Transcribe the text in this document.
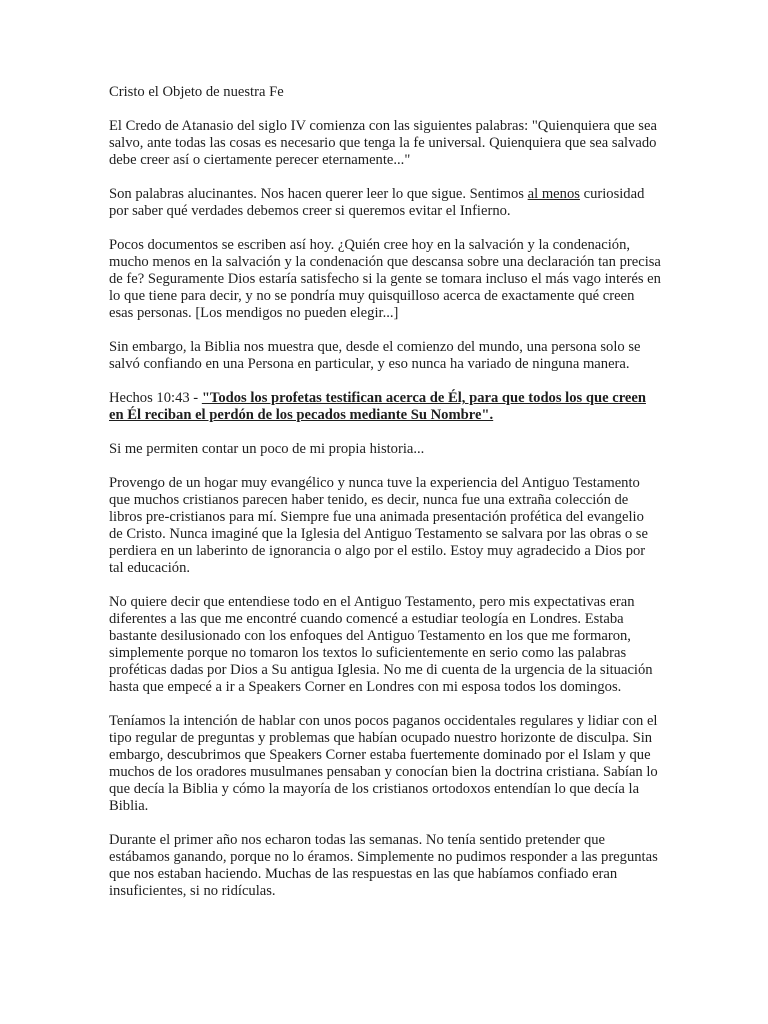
Cristo el Objeto de nuestra Fe

El Credo de Atanasio del siglo IV comienza con las siguientes palabras: "Quienquiera que sea salvo, ante todas las cosas es necesario que tenga la fe universal. Quienquiera que sea salvado debe creer así o ciertamente perecer eternamente..."

Son palabras alucinantes. Nos hacen querer leer lo que sigue. Sentimos al menos curiosidad por saber qué verdades debemos creer si queremos evitar el Infierno.

Pocos documentos se escriben así hoy. ¿Quién cree hoy en la salvación y la condenación, mucho menos en la salvación y la condenación que descansa sobre una declaración tan precisa de fe? Seguramente Dios estaría satisfecho si la gente se tomara incluso el más vago interés en lo que tiene para decir, y no se pondría muy quisquilloso acerca de exactamente qué creen esas personas. [Los mendigos no pueden elegir...]

Sin embargo, la Biblia nos muestra que, desde el comienzo del mundo, una persona solo se salvó confiando en una Persona en particular, y eso nunca ha variado de ninguna manera.

Hechos 10:43 - "Todos los profetas testifican acerca de Él, para que todos los que creen en Él reciban el perdón de los pecados mediante Su Nombre".

Si me permiten contar un poco de mi propia historia...

Provengo de un hogar muy evangélico y nunca tuve la experiencia del Antiguo Testamento que muchos cristianos parecen haber tenido, es decir, nunca fue una extraña colección de libros pre-cristianos para mí. Siempre fue una animada presentación profética del evangelio de Cristo. Nunca imaginé que la Iglesia del Antiguo Testamento se salvara por las obras o se perdiera en un laberinto de ignorancia o algo por el estilo. Estoy muy agradecido a Dios por tal educación.

No quiere decir que entendiese todo en el Antiguo Testamento, pero mis expectativas eran diferentes a las que me encontré cuando comencé a estudiar teología en Londres. Estaba bastante desilusionado con los enfoques del Antiguo Testamento en los que me formaron, simplemente porque no tomaron los textos lo suficientemente en serio como las palabras proféticas dadas por Dios a Su antigua Iglesia. No me di cuenta de la urgencia de la situación hasta que empecé a ir a Speakers Corner en Londres con mi esposa todos los domingos.

Teníamos la intención de hablar con unos pocos paganos occidentales regulares y lidiar con el tipo regular de preguntas y problemas que habían ocupado nuestro horizonte de disculpa. Sin embargo, descubrimos que Speakers Corner estaba fuertemente dominado por el Islam y que muchos de los oradores musulmanes pensaban y conocían bien la doctrina cristiana. Sabían lo que decía la Biblia y cómo la mayoría de los cristianos ortodoxos entendían lo que decía la Biblia.

Durante el primer año nos echaron todas las semanas. No tenía sentido pretender que estábamos ganando, porque no lo éramos. Simplemente no pudimos responder a las preguntas que nos estaban haciendo. Muchas de las respuestas en las que habíamos confiado eran insuficientes, si no ridículas.
